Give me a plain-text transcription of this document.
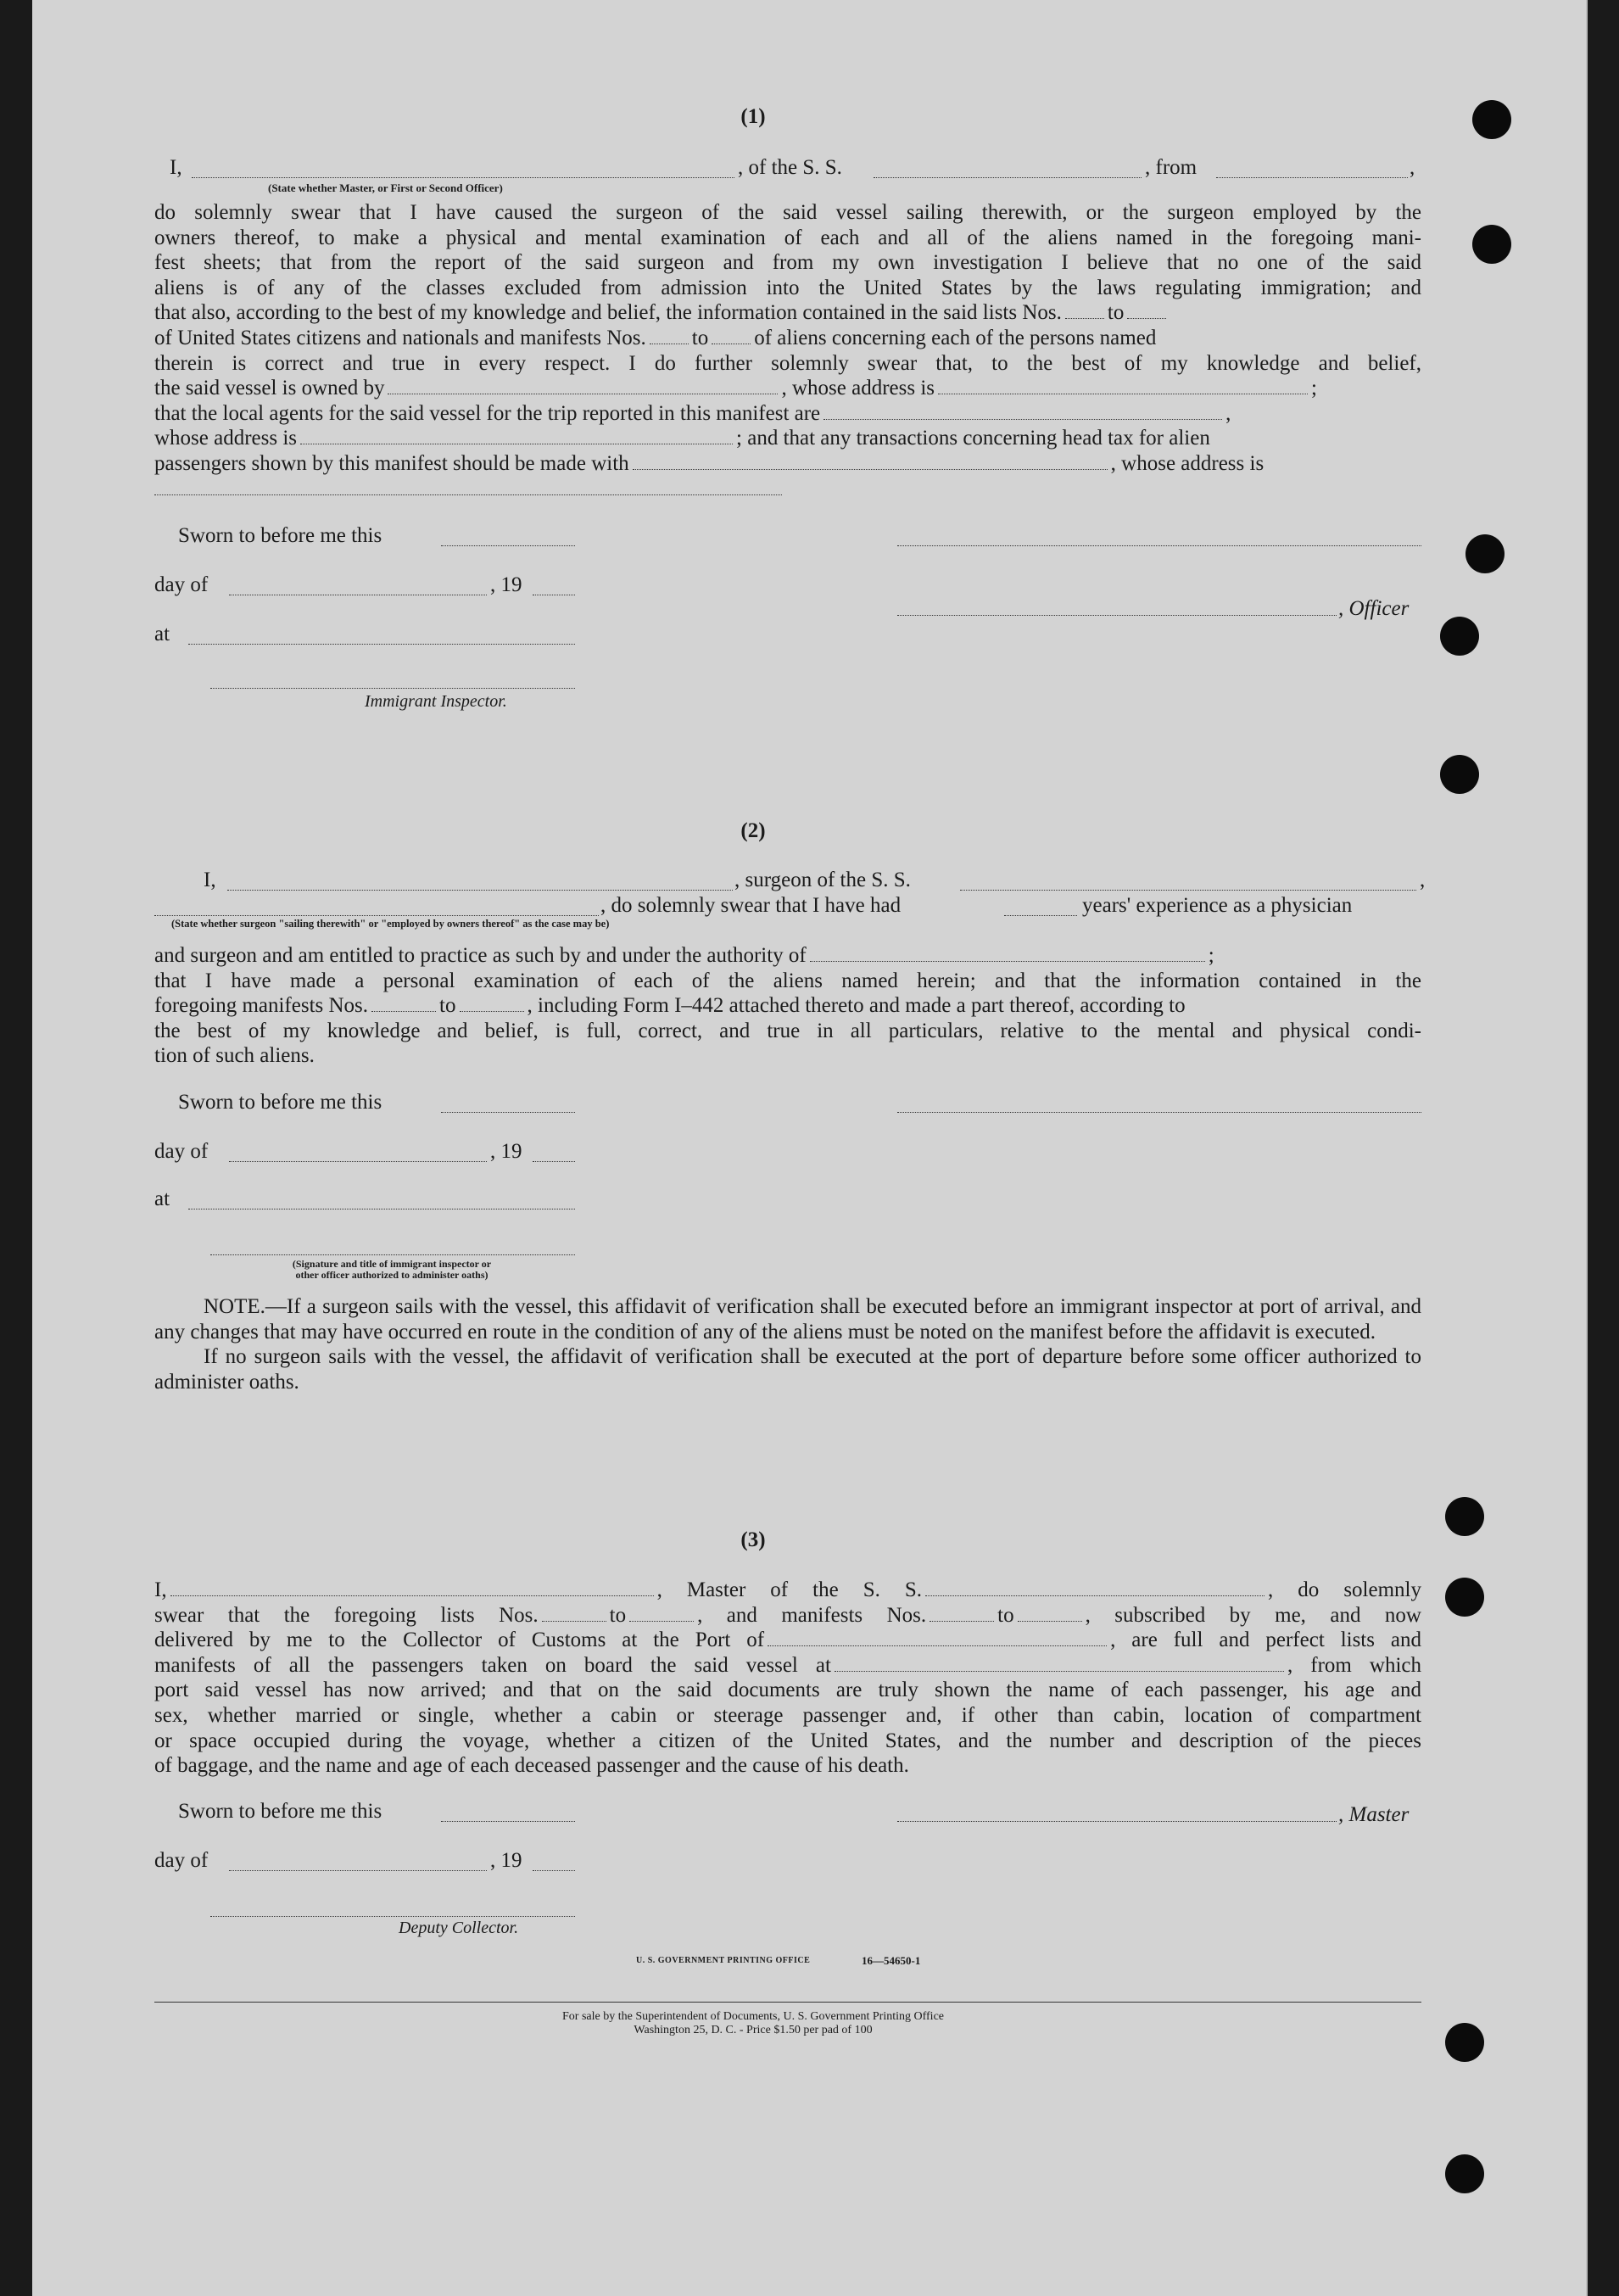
(1)
I,	, of the S. S.	, from	,
(State whether Master, or First or Second Officer)
do solemnly swear that I have caused the surgeon of the said vessel sailing therewith, or the surgeon employed by the
owners thereof, to make a physical and mental examination of each and all of the aliens named in the foregoing mani-
fest sheets; that from the report of the said surgeon and from my own investigation I believe that no one of the said
aliens is of any of the classes excluded from admission into the United States by the laws regulating immigration; and
that also, according to the best of my knowledge and belief, the information contained in the said lists Nos. to
of United States citizens and nationals and manifests Nos. to of aliens concerning each of the persons named
therein is correct and true in every respect. I do further solemnly swear that, to the best of my knowledge and belief,
the said vessel is owned by	, whose address is	;
that the local agents for the said vessel for the trip reported in this manifest are	,
whose address is	; and that any transactions concerning head tax for alien
passengers shown by this manifest should be made with	, whose address is
Sworn to before me this
day of	, 19
, Officer
at
Immigrant Inspector.
(2)
I,	, surgeon of the S. S.	,
, do solemnly swear that I have had	years' experience as a physician
(State whether surgeon "sailing therewith" or "employed by owners thereof" as the case may be)
and surgeon and am entitled to practice as such by and under the authority of	;
that I have made a personal examination of each of the aliens named herein; and that the information contained in the
foregoing manifests Nos.	to	, including Form I–442 attached thereto and made a part thereof, according to
the best of my knowledge and belief, is full, correct, and true in all particulars, relative to the mental and physical condi-
tion of such aliens.
Sworn to before me this
day of	, 19
at
(Signature and title of immigrant inspector or
other officer authorized to administer oaths)
NOTE.—If a surgeon sails with the vessel, this affidavit of verification shall be executed before an immigrant inspector at port of arrival, and any changes that may have occurred en route in the condition of any of the aliens must be noted on the manifest before the affidavit is executed.
If no surgeon sails with the vessel, the affidavit of verification shall be executed at the port of departure before some officer authorized to administer oaths.
(3)
I,	, Master of the S. S.	, do solemnly
swear that the foregoing lists Nos.	to	, and manifests Nos.	to	, subscribed by me, and now
delivered by me to the Collector of Customs at the Port of	, are full and perfect lists and
manifests of all the passengers taken on board the said vessel at	, from which
port said vessel has now arrived; and that on the said documents are truly shown the name of each passenger, his age and
sex, whether married or single, whether a cabin or steerage passenger and, if other than cabin, location of compartment
or space occupied during the voyage, whether a citizen of the United States, and the number and description of the pieces
of baggage, and the name and age of each deceased passenger and the cause of his death.
Sworn to before me this	, Master
day of	, 19
Deputy Collector.
U. S. GOVERNMENT PRINTING OFFICE	16—54650-1
For sale by the Superintendent of Documents, U. S. Government Printing Office
Washington 25, D. C. - Price $1.50 per pad of 100
